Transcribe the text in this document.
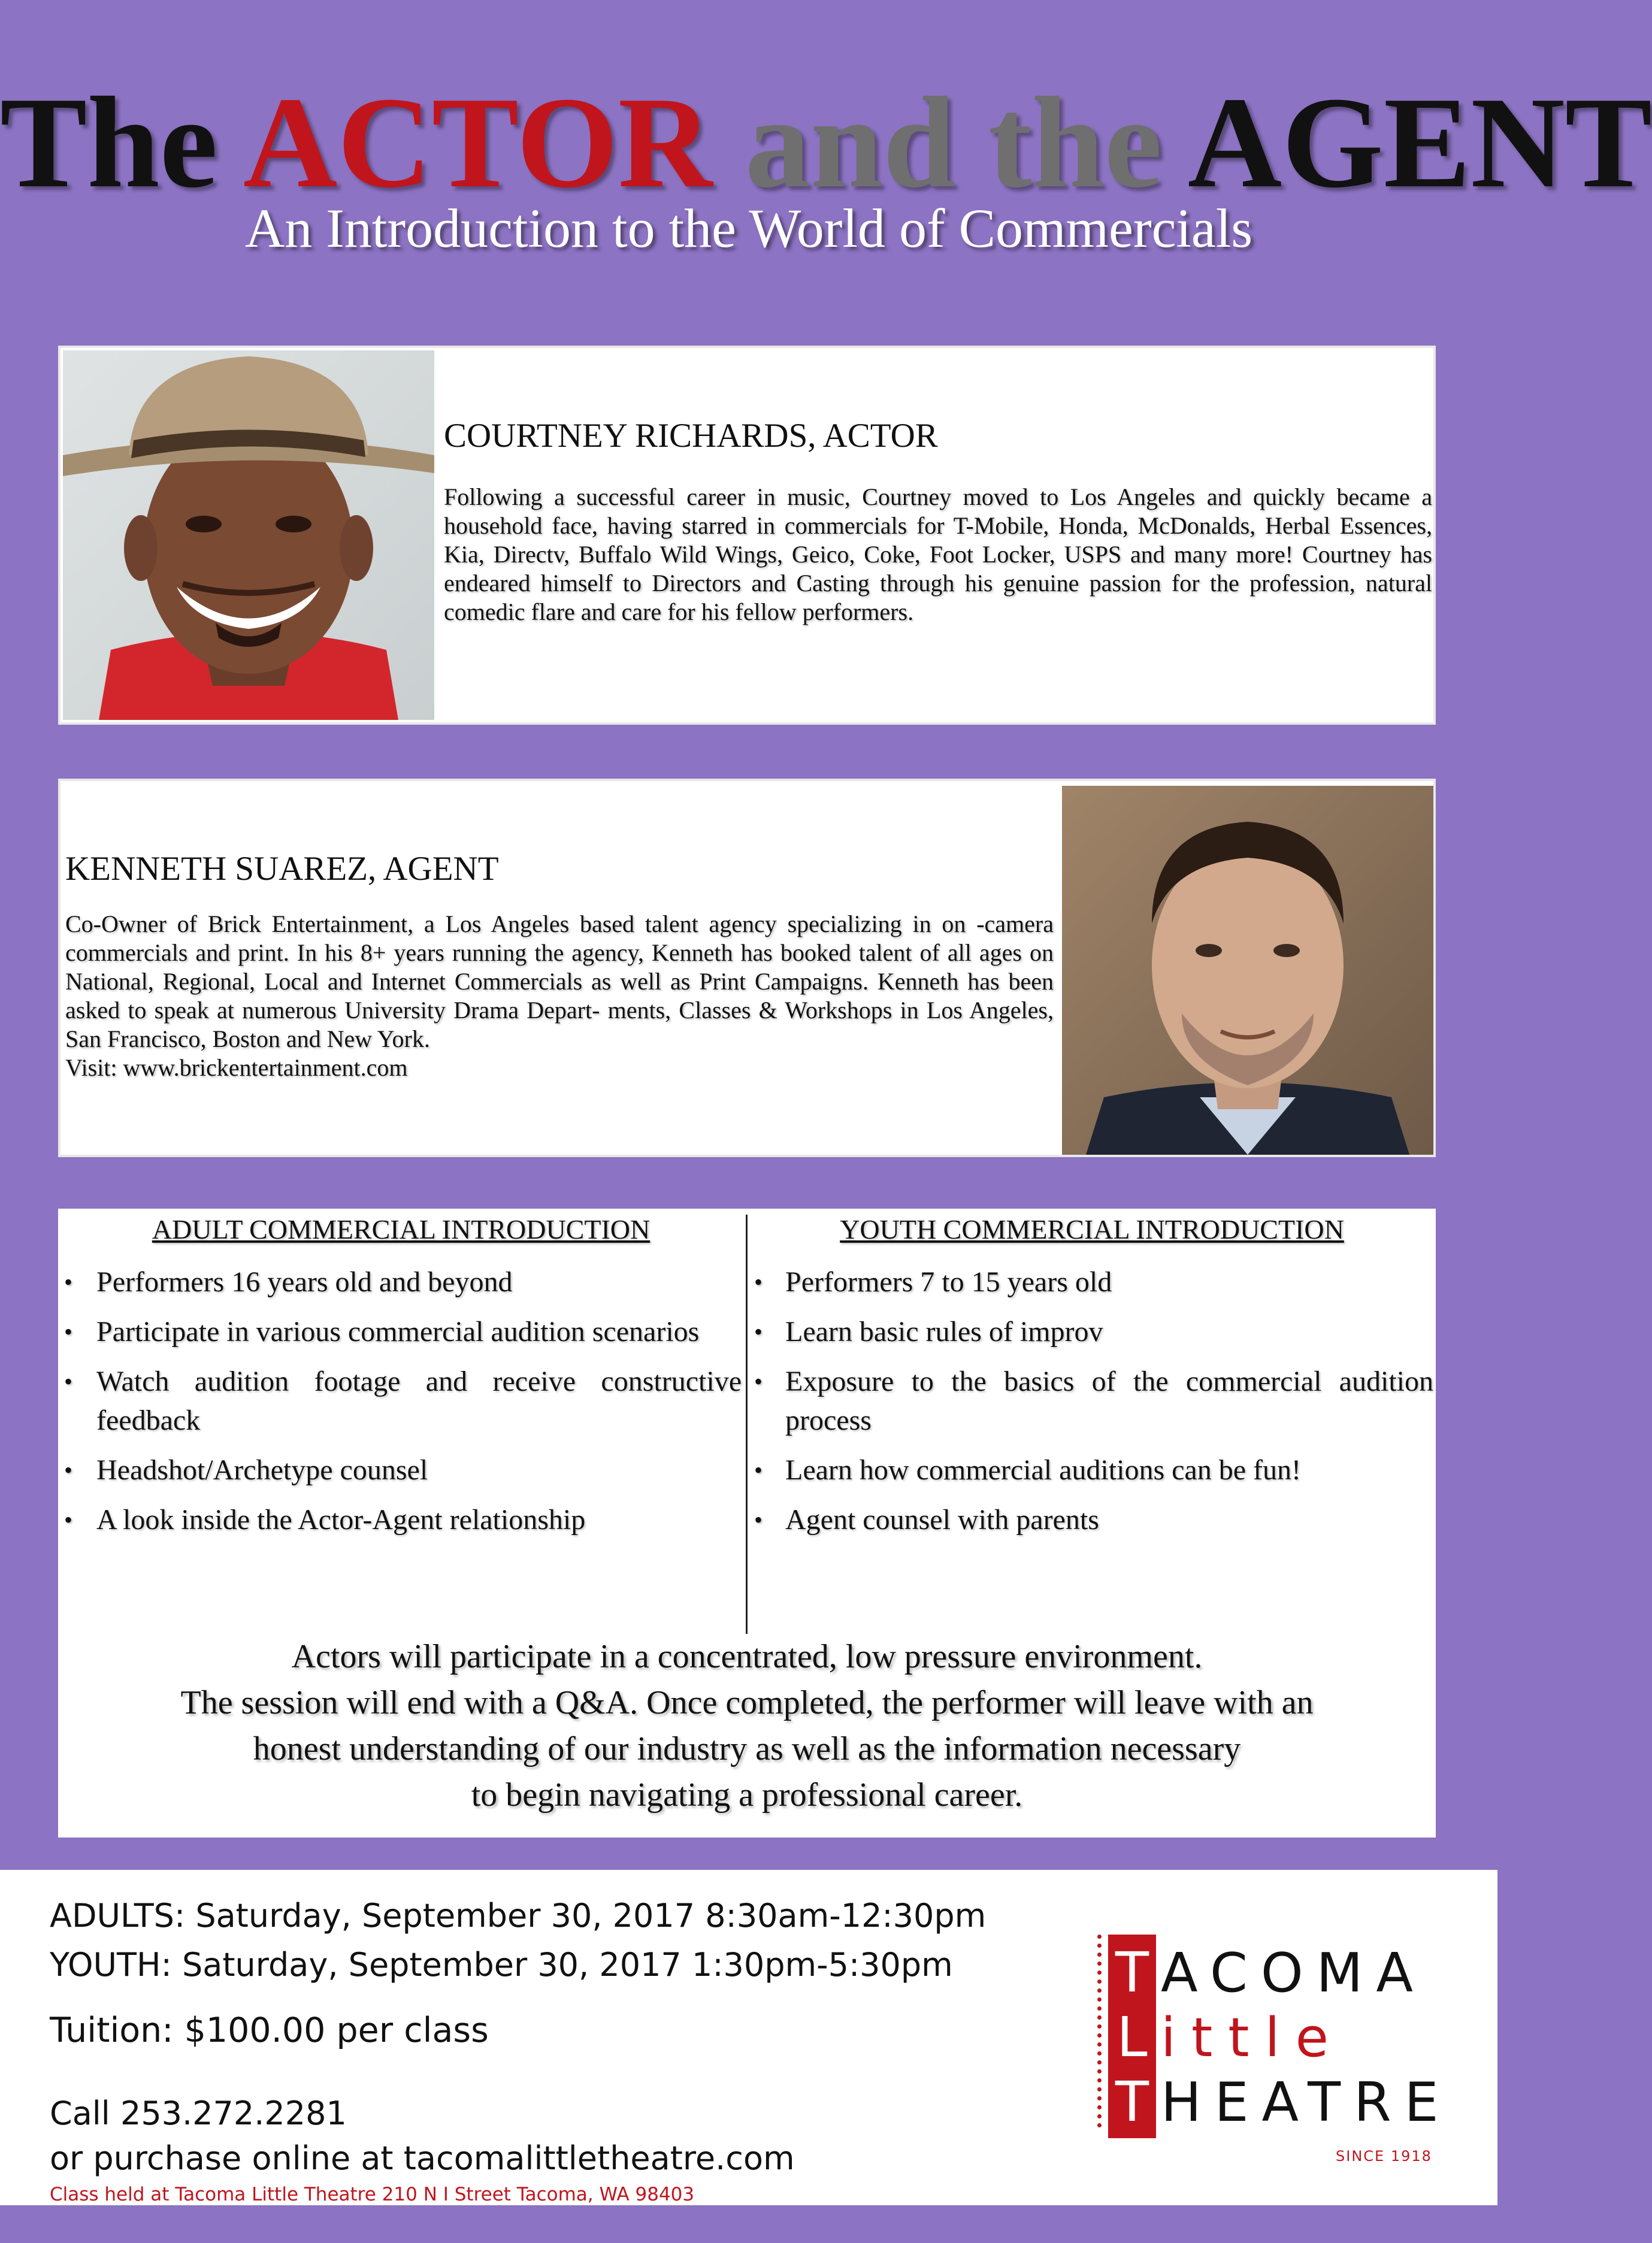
The ACTOR and the AGENT
An Introduction to the World of Commercials
COURTNEY RICHARDS, ACTOR
Following a successful career in music, Courtney moved to Los Angeles and quickly became a household face, having starred in commercials for T-Mobile, Honda, McDonalds, Herbal Essences, Kia, Directv, Buffalo Wild Wings, Geico, Coke, Foot Locker, USPS and many more! Courtney has endeared himself to Directors and Casting through his genuine passion for the profession, natural comedic flare and care for his fellow performers.
KENNETH SUAREZ, AGENT
Co-Owner of Brick Entertainment, a Los Angeles based talent agency specializing in on -camera commercials and print. In his 8+ years running the agency, Kenneth has booked talent of all ages on National, Regional, Local and Internet Commercials as well as Print Campaigns. Kenneth has been asked to speak at numerous University Drama Depart- ments, Classes & Workshops in Los Angeles, San Francisco, Boston and New York.
Visit: www.brickentertainment.com
ADULT COMMERCIAL INTRODUCTION
• Performers 16 years old and beyond
• Participate in various commercial audition scenarios
• Watch audition footage and receive constructive feedback
• Headshot/Archetype counsel
• A look inside the Actor-Agent relationship
YOUTH COMMERCIAL INTRODUCTION
• Performers 7 to 15 years old
• Learn basic rules of improv
• Exposure to the basics of the commercial audition process
• Learn how commercial auditions can be fun!
• Agent counsel with parents
Actors will participate in a concentrated, low pressure environment.
The session will end with a Q&A. Once completed, the performer will leave with an
honest understanding of our industry as well as the information necessary
to begin navigating a professional career.
ADULTS: Saturday, September 30, 2017 8:30am-12:30pm
YOUTH: Saturday, September 30, 2017 1:30pm-5:30pm
Tuition: $100.00 per class
Call 253.272.2281
or purchase online at tacomalittletheatre.com
Class held at Tacoma Little Theatre 210 N I Street Tacoma, WA 98403
T
L
T
ACOMA
ittle
HEATRE
SINCE 1918
